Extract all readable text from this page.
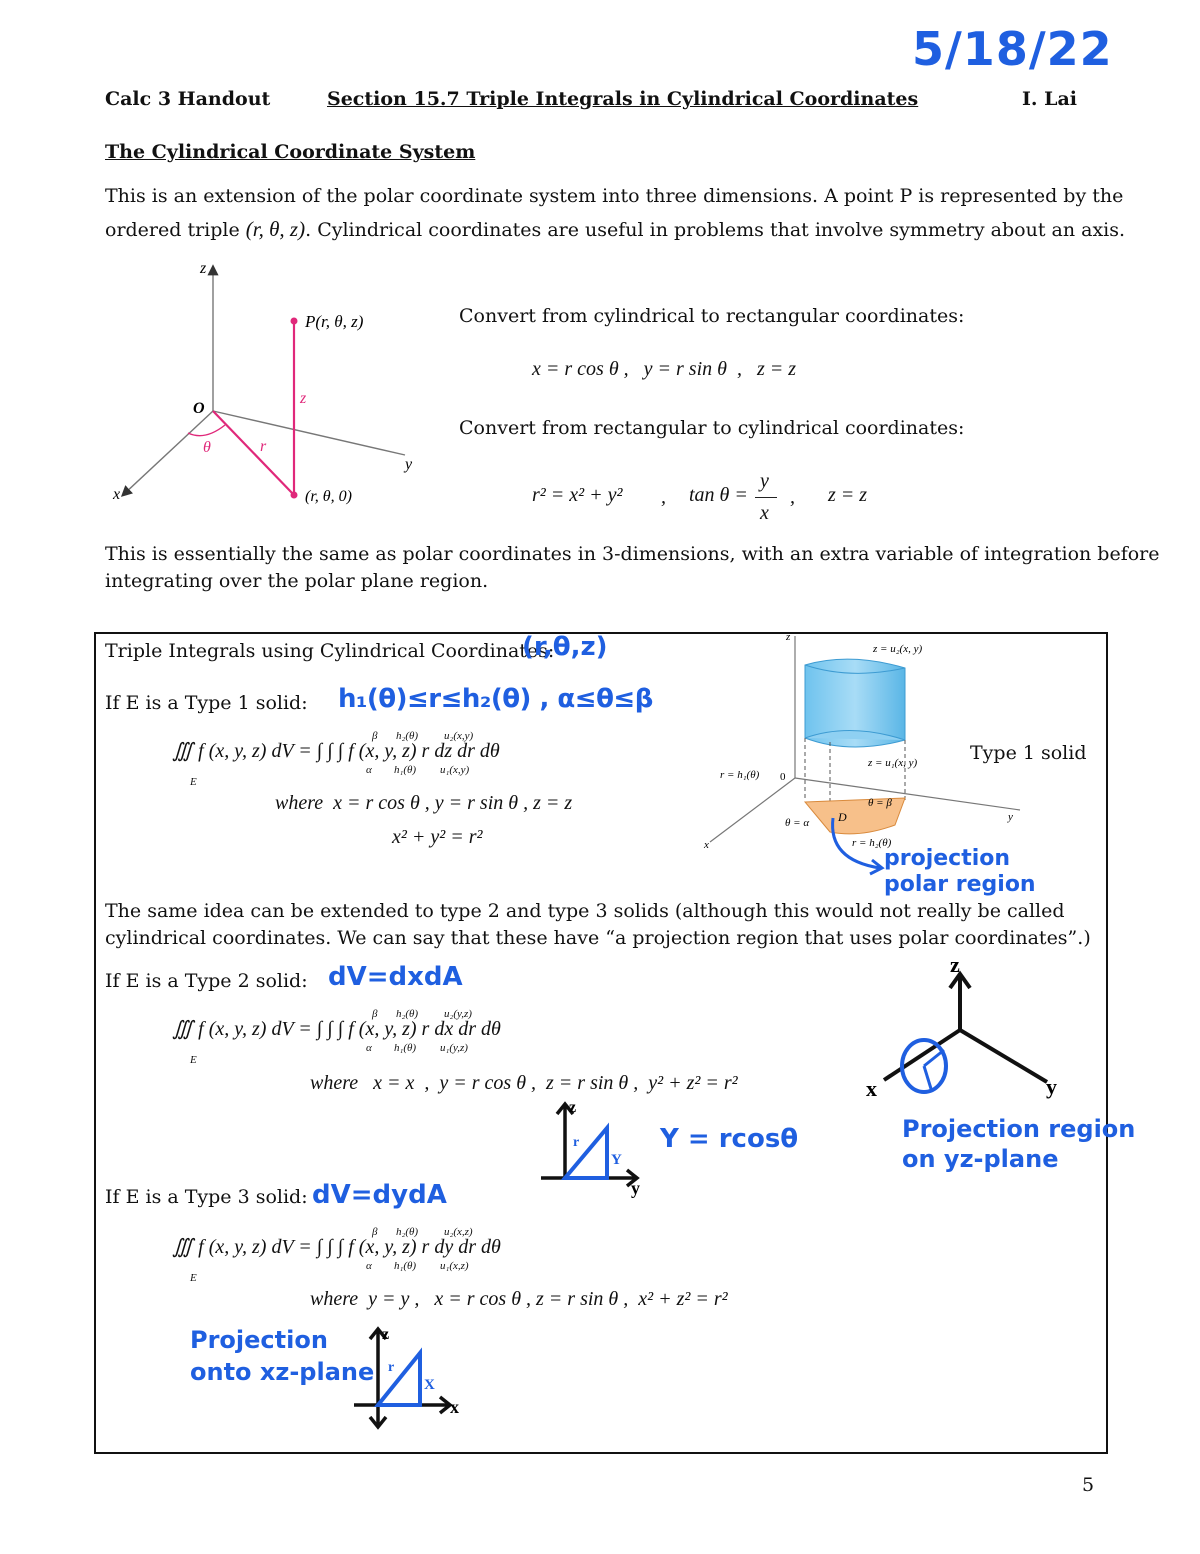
5/18/22
Calc 3 Handout	Section 15.7 Triple Integrals in Cylindrical Coordinates	I. Lai
The Cylindrical Coordinate System
This is an extension of the polar coordinate system into three dimensions. A point P is represented by the
ordered triple (r, θ, z). Cylindrical coordinates are useful in problems that involve symmetry about an axis.
z
x
y
O
P(r, θ, z)
z
θ	r
(r, θ, 0)
Convert from cylindrical to rectangular coordinates:
x = r cos θ ,   y = r sin θ  ,   z = z
Convert from rectangular to cylindrical coordinates:
r² = x² + y² , tan θ =
y
x
, z = z
This is essentially the same as polar coordinates in 3-dimensions, with an extra variable of integration before
integrating over the polar plane region.
Triple Integrals using Cylindrical Coordinates:
(r,θ,z)
If E is a Type 1 solid: h₁(θ)≤r≤h₂(θ) , α≤θ≤β
∭ f (x, y, z) dV = ∫ ∫ ∫ f (x, y, z) r dz dr dθ
E
β
α
h₂(θ)
h₁(θ)
u₂(x,y)
u₁(x,y)
where  x = r cos θ , y = r sin θ , z = z
x² + y² = r²
Type 1 solid
z = u₂(x, y)
z = u₁(x, y)
r = h₁(θ) 0
θ = β
θ = α D
r = h₂(θ)
x
y
z
projection
polar region
The same idea can be extended to type 2 and type 3 solids (although this would not really be called
cylindrical coordinates. We can say that these have “a projection region that uses polar coordinates”.)
If E is a Type 2 solid: dV=dxdA
∭ f (x, y, z) dV = ∫ ∫ ∫ f (x, y, z) r dx dr dθ
E
β
α
h₂(θ)
h₁(θ)
u₂(y,z)
u₁(y,z)
where   x = x  ,  y = r cos θ ,  z = r sin θ ,  y² + z² = r²
z
x	y
Projection region
on yz-plane
z
y
r
Y
Y = rcosθ
If E is a Type 3 solid: dV=dydA
∭ f (x, y, z) dV = ∫ ∫ ∫ f (x, y, z) r dy dr dθ
E
β
α
h₂(θ)
h₁(θ)
u₂(x,z)
u₁(x,z)
where  y = y ,   x = r cos θ , z = r sin θ ,  x² + z² = r²
Projection
onto xz-plane
z
x
r
X
5
